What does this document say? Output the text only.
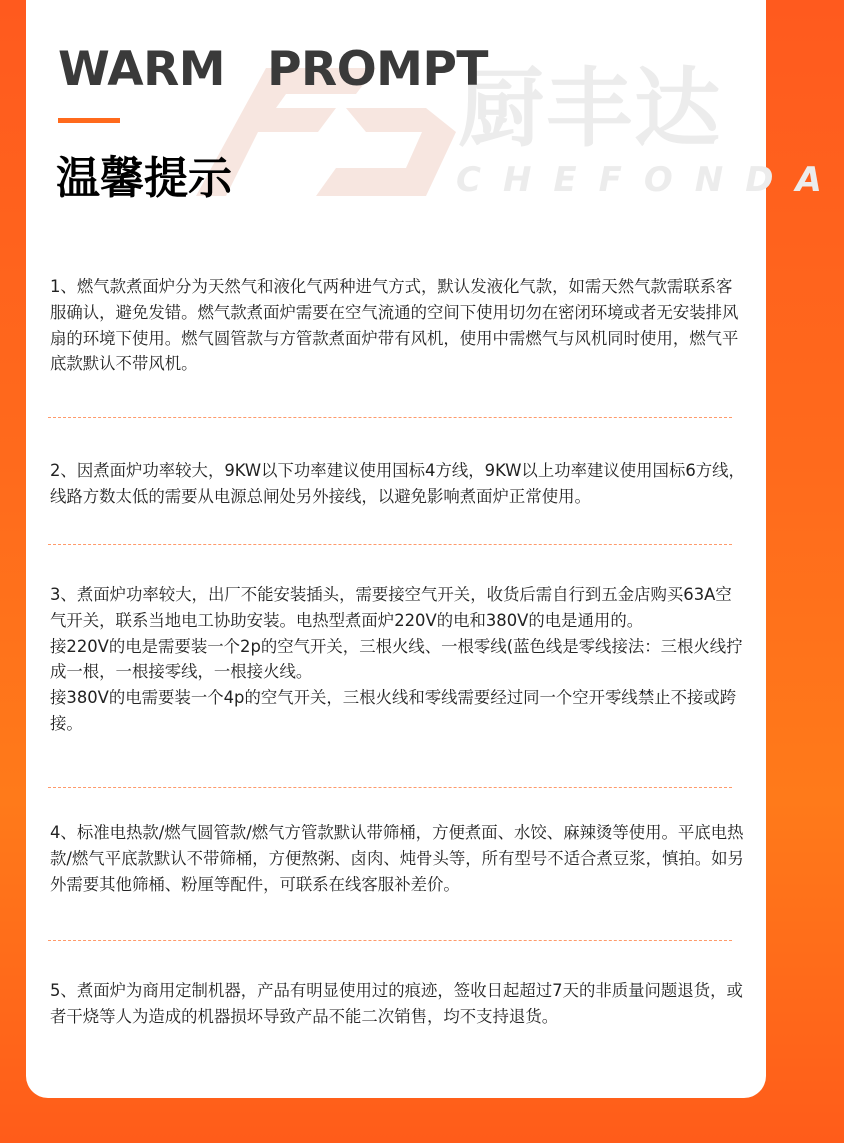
厨丰达
CHEFONDA
WARM PROMPT
温馨提示

1、燃气款煮面炉分为天然气和液化气两种进气方式，默认发液化气款，如需天然气款需联系客服确认，避免发错。燃气款煮面炉需要在空气流通的空间下使用切勿在密闭环境或者无安装排风扇的环境下使用。燃气圆管款与方管款煮面炉带有风机，使用中需燃气与风机同时使用，燃气平底款默认不带风机。

2、因煮面炉功率较大，9KW以下功率建议使用国标4方线，9KW以上功率建议使用国标6方线，线路方数太低的需要从电源总闸处另外接线，以避免影响煮面炉正常使用。

3、煮面炉功率较大，出厂不能安装插头，需要接空气开关，收货后需自行到五金店购买63A空气开关，联系当地电工协助安装。电热型煮面炉220V的电和380V的电是通用的。

接220V的电是需要装一个2p的空气开关，三根火线、一根零线(蓝色线是零线接法：三根火线拧成一根，一根接零线，一根接火线。

接380V的电需要装一个4p的空气开关，三根火线和零线需要经过同一个空开零线禁止不接或跨接。

4、标准电热款/燃气圆管款/燃气方管款默认带筛桶，方便煮面、水饺、麻辣烫等使用。平底电热款/燃气平底款默认不带筛桶，方便熬粥、卤肉、炖骨头等，所有型号不适合煮豆浆，慎拍。如另外需要其他筛桶、粉厘等配件，可联系在线客服补差价。

5、煮面炉为商用定制机器，产品有明显使用过的痕迹，签收日起超过7天的非质量问题退货，或者干烧等人为造成的机器损坏导致产品不能二次销售，均不支持退货。
